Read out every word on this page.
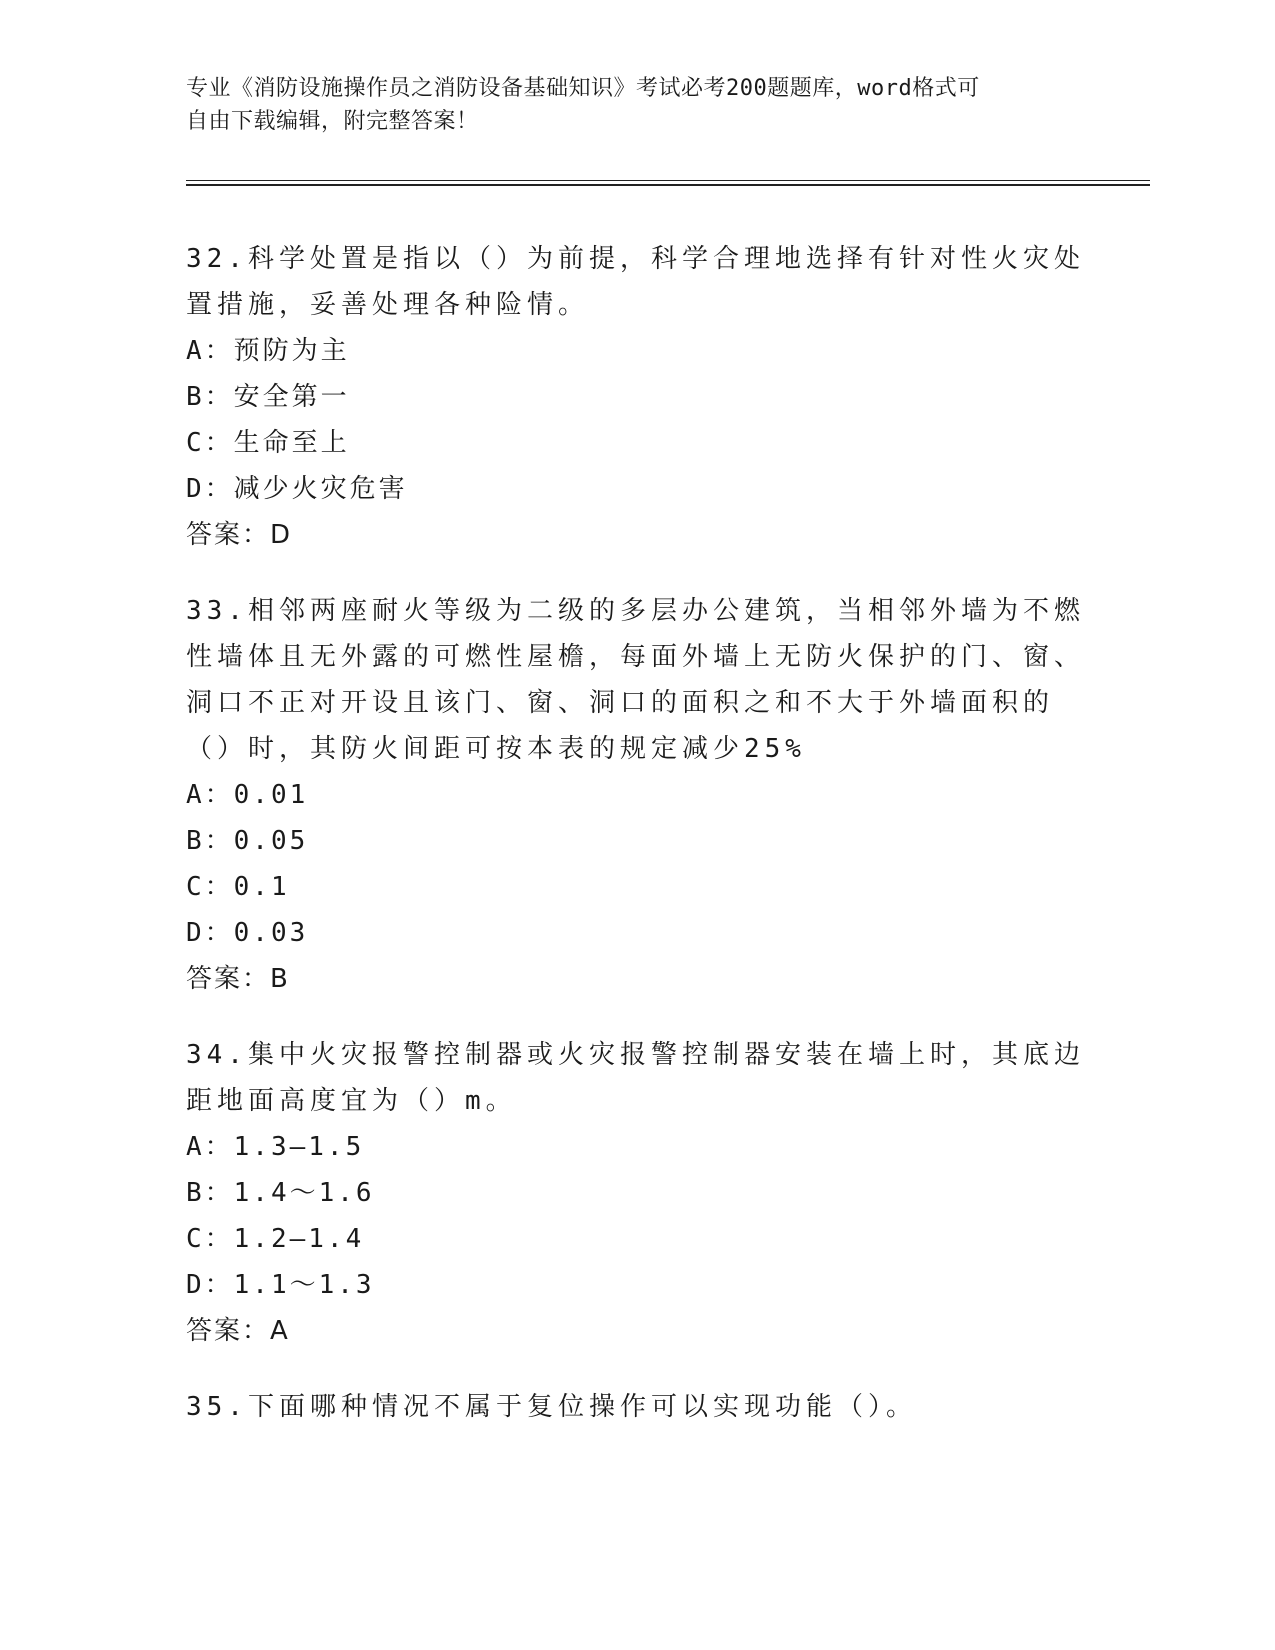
专业《消防设施操作员之消防设备基础知识》考试必考200题题库，word格式可
自由下载编辑，附完整答案！
32.科学处置是指以（）为前提，科学合理地选择有针对性火灾处置措施，妥善处理各种险情。
A：预防为主
B：安全第一
C：生命至上
D：减少火灾危害
答案：D
33.相邻两座耐火等级为二级的多层办公建筑，当相邻外墙为不燃性墙体且无外露的可燃性屋檐，每面外墙上无防火保护的门、窗、洞口不正对开设且该门、窗、洞口的面积之和不大于外墙面积的（）时，其防火间距可按本表的规定减少25%
A：0.01
B：0.05
C：0.1
D：0.03
答案：B
34.集中火灾报警控制器或火灾报警控制器安装在墙上时，其底边距地面高度宜为（）m。
A：1.3—1.5
B：1.4～1.6
C：1.2—1.4
D：1.1～1.3
答案：A
35.下面哪种情况不属于复位操作可以实现功能（）。
